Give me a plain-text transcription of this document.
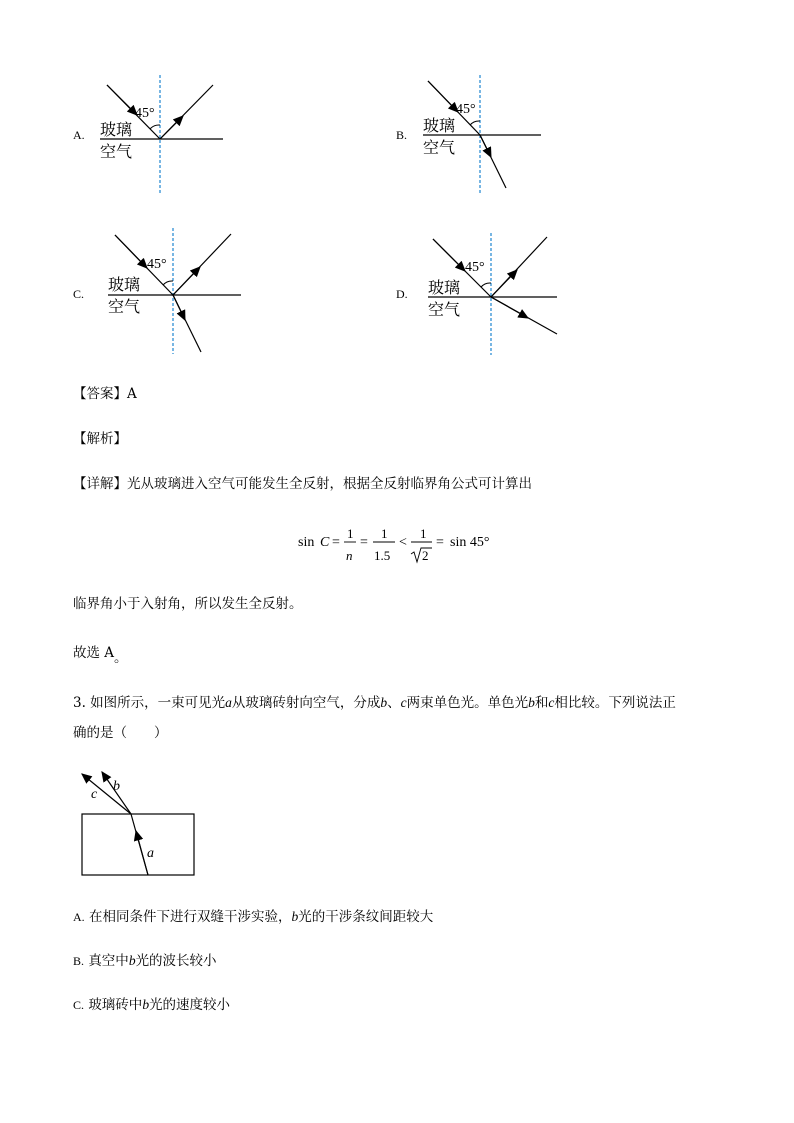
A.
45°
玻璃
空气
B.
45°
玻璃
空气
C.
45°
玻璃
空气
D.
45°
玻璃
空气
【答案】A
【解析】
【详解】光从玻璃进入空气可能发生全反射，根据全反射临界角公式可计算出
sin C =
1
n
=
1
1.5
<
1
2
= sin 45°
临界角小于入射角，所以发生全反射。
故选 A。
3. 如图所示，一束可见光a从玻璃砖射向空气，分成b、c两束单色光。单色光b和c相比较。下列说法正
确的是（　　）
a
b
c
A. 在相同条件下进行双缝干涉实验，b光的干涉条纹间距较大
B. 真空中b光的波长较小
C. 玻璃砖中b光的速度较小
